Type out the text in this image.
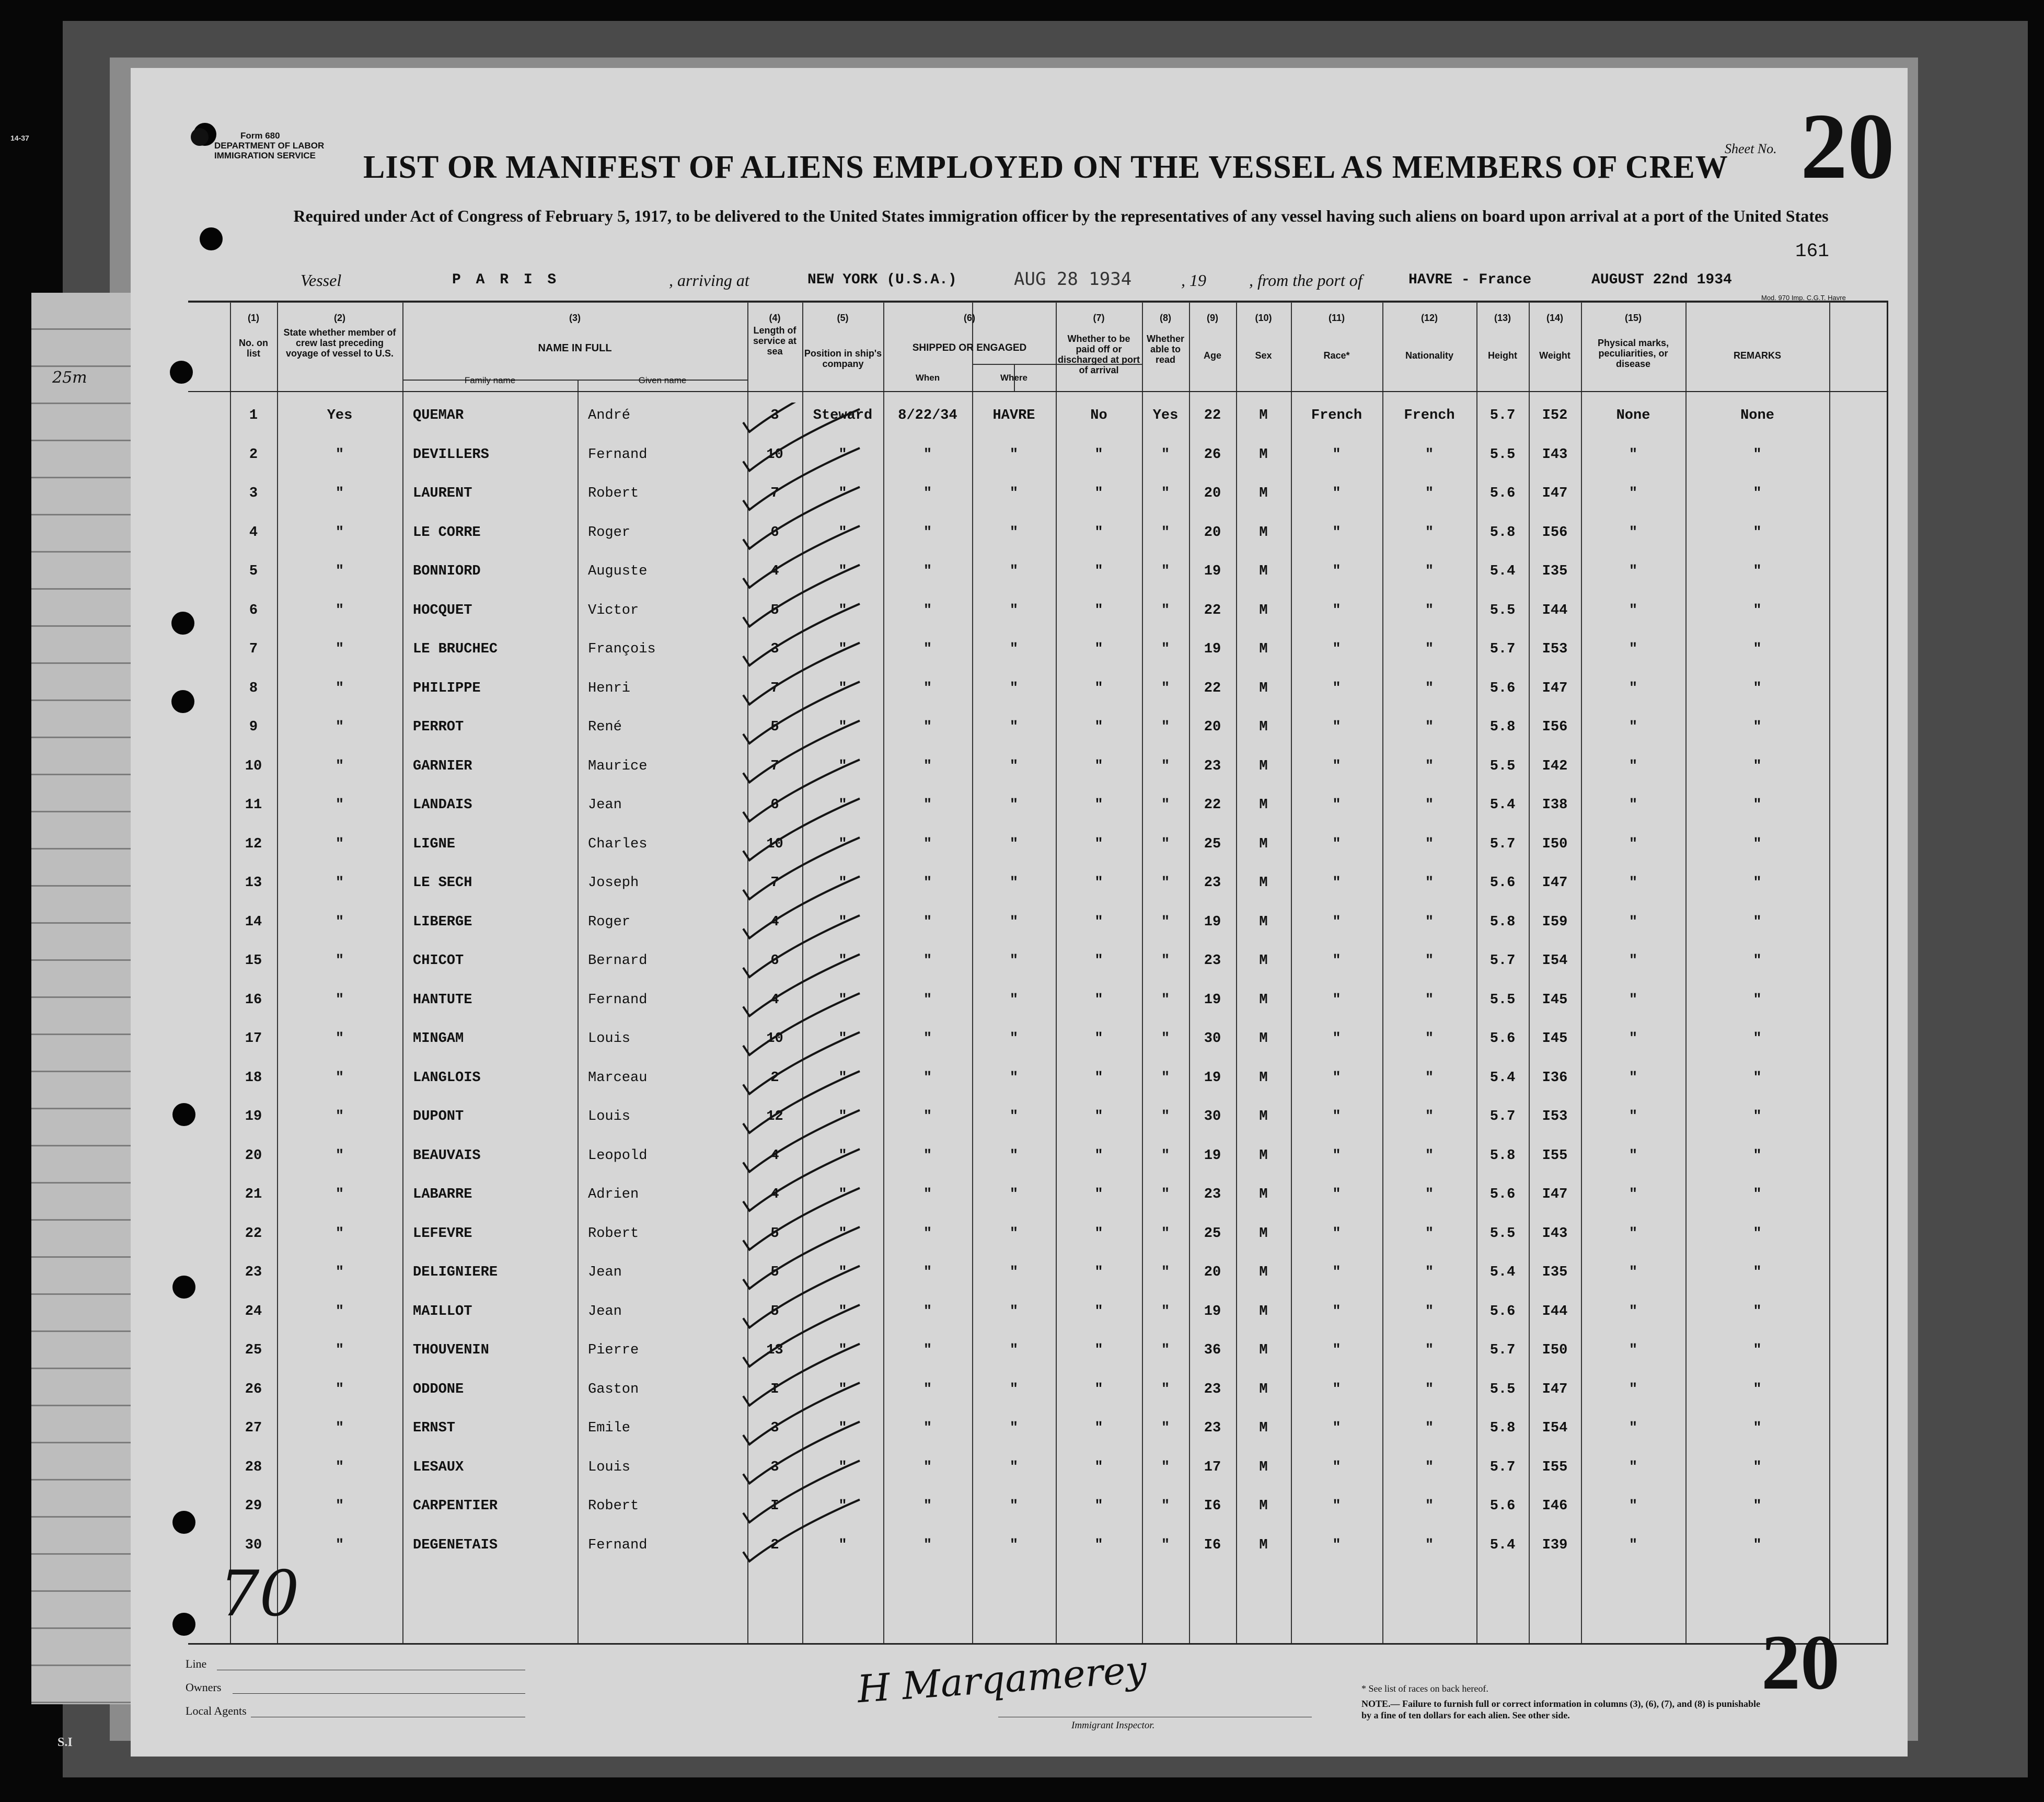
25m
14-37	Form 680
DEPARTMENT OF LABOR
IMMIGRATION SERVICE LIST OR MANIFEST OF ALIENS EMPLOYED ON THE VESSEL AS MEMBERS OF CREW
Required under Act of Congress of February 5, 1917, to be delivered to the United States immigration officer by the representatives of any vessel having such aliens on board upon arrival at a port of the United States
Sheet No. 20
161
Vessel	P A R I S	, arriving at	NEW YORK (U.S.A.)	AUG 28 1934	, 19	, from the port of	HAVRE - France	AUGUST 22nd 1934
Mod. 970 Imp. C.G.T. Havre
(1)	(2)	(3)	(4)	(5)	(6)	(7)	(8)	(9)	(10)	(11)	(12)	(13)	(14)	(15)
No. on list
State whether member of crew last preceding voyage of vessel to U.S.	NAME IN FULL
Family name	Given name
Length of service at sea	Position in ship's company
SHIPPED OR ENGAGED
When	Where
Whether to be paid off or discharged at port of arrival
Whether able to read	Age	Sex	Race*	Nationality	Height	Weight
Physical marks, peculiarities, or disease
REMARKS
1	Yes	QUEMAR	André	3	Steward	8/22/34	HAVRE	No	Yes	22	M	French	French	5.7	I52	None	None
2	"	DEVILLERS	Fernand	10	"	"	"	"	"	26	M	"	"	5.5	I43	"	"
3	"	LAURENT	Robert	7	"	"	"	"	"	20	M	"	"	5.6	I47	"	"
4	"	LE CORRE	Roger	6	"	"	"	"	"	20	M	"	"	5.8	I56	"	"
5	"	BONNIORD	Auguste	4	"	"	"	"	"	19	M	"	"	5.4	I35	"	"
6	"	HOCQUET	Victor	5	"	"	"	"	"	22	M	"	"	5.5	I44	"	"
7	"	LE BRUCHEC	François	3	"	"	"	"	"	19	M	"	"	5.7	I53	"	"
8	"	PHILIPPE	Henri	7	"	"	"	"	"	22	M	"	"	5.6	I47	"	"
9	"	PERROT	René	5	"	"	"	"	"	20	M	"	"	5.8	I56	"	"
10	"	GARNIER	Maurice	7	"	"	"	"	"	23	M	"	"	5.5	I42	"	"
11	"	LANDAIS	Jean	6	"	"	"	"	"	22	M	"	"	5.4	I38	"	"
12	"	LIGNE	Charles	10	"	"	"	"	"	25	M	"	"	5.7	I50	"	"
13	"	LE SECH	Joseph	7	"	"	"	"	"	23	M	"	"	5.6	I47	"	"
14	"	LIBERGE	Roger	4	"	"	"	"	"	19	M	"	"	5.8	I59	"	"
15	"	CHICOT	Bernard	6	"	"	"	"	"	23	M	"	"	5.7	I54	"	"
16	"	HANTUTE	Fernand	4	"	"	"	"	"	19	M	"	"	5.5	I45	"	"
17	"	MINGAM	Louis	10	"	"	"	"	"	30	M	"	"	5.6	I45	"	"
18	"	LANGLOIS	Marceau	2	"	"	"	"	"	19	M	"	"	5.4	I36	"	"
19	"	DUPONT	Louis	12	"	"	"	"	"	30	M	"	"	5.7	I53	"	"
20	"	BEAUVAIS	Leopold	4	"	"	"	"	"	19	M	"	"	5.8	I55	"	"
21	"	LABARRE	Adrien	4	"	"	"	"	"	23	M	"	"	5.6	I47	"	"
22	"	LEFEVRE	Robert	5	"	"	"	"	"	25	M	"	"	5.5	I43	"	"
23	"	DELIGNIERE	Jean	5	"	"	"	"	"	20	M	"	"	5.4	I35	"	"
24	"	MAILLOT	Jean	5	"	"	"	"	"	19	M	"	"	5.6	I44	"	"
25	"	THOUVENIN	Pierre	13	"	"	"	"	"	36	M	"	"	5.7	I50	"	"
26	"	ODDONE	Gaston	I	"	"	"	"	"	23	M	"	"	5.5	I47	"	"
27	"	ERNST	Emile	3	"	"	"	"	"	23	M	"	"	5.8	I54	"	"
28	"	LESAUX	Louis	3	"	"	"	"	"	17	M	"	"	5.7	I55	"	"
29	"	CARPENTIER	Robert	I	"	"	"	"	"	I6	M	"	"	5.6	I46	"	"
30	"	DEGENETAIS	Fernand	2	"	"	"	"	"	I6	M	"	"	5.4	I39	"	"
70
Line
Owners
Local Agents	H Marqamerey
Immigrant Inspector.
20
* See list of races on back hereof.
NOTE.— Failure to furnish full or correct information in columns (3), (6), (7), and (8) is punishable by a fine of ten dollars for each alien. See other side.
S.I
